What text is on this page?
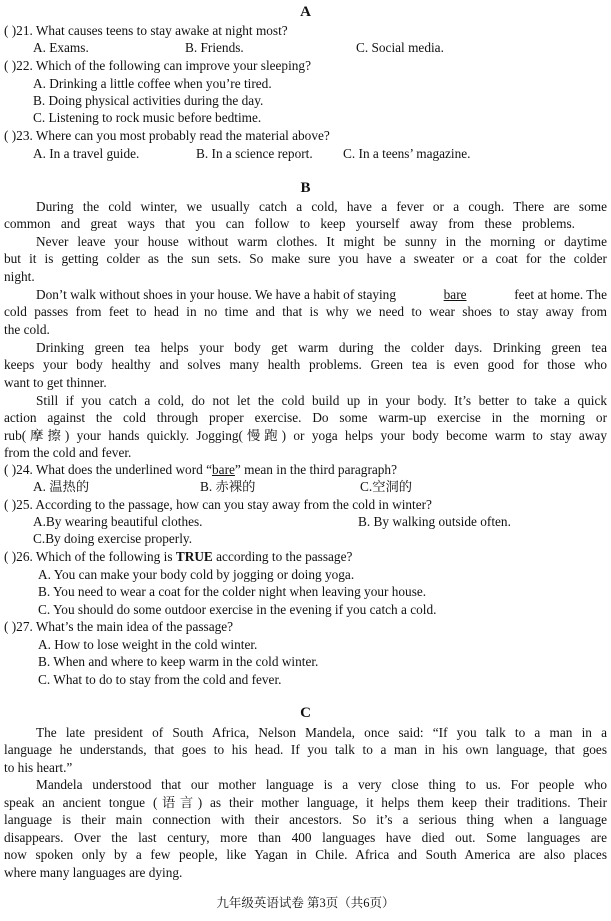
A
( )21. What causes teens to stay awake at night most?
A. Exams.	B. Friends.	C. Social media.
( )22. Which of the following can improve your sleeping?
A. Drinking a little coffee when you’re tired.
B. Doing physical activities during the day.
C. Listening to rock music before bedtime.
( )23. Where can you most probably read the material above?
A. In a travel guide.	B. In a science report. C. In a teens’ magazine.
B
During the cold winter, we usually catch a cold, have a fever or a cough. There are some
common and great ways that you can follow to keep yourself away from these problems.
Never leave your house without warm clothes. It might be sunny in the morning or daytime
but it is getting colder as the sun sets. So make sure you have a sweater or a coat for the colder
night.
Don’t walk without shoes in your house. We have a habit of staying	bare	feet at home. The
cold passes from feet to head in no time and that is why we need to wear shoes to stay away from
the cold.
Drinking green tea helps your body get warm during the colder days. Drinking green tea
keeps your body healthy and solves many health problems. Green tea is even good for those who
want to get thinner.
Still if you catch a cold, do not let the cold build up in your body. It’s better to take a quick
action against the cold through proper exercise. Do some warm-up exercise in the morning or
rub(摩擦) your hands quickly. Jogging(慢跑) or yoga helps your body become warm to stay away
from the cold and fever.
( )24. What does the underlined word “bare” mean in the third paragraph?
A. 温热的	B. 赤裸的	C.空洞的
( )25. According to the passage, how can you stay away from the cold in winter?
A.By wearing beautiful clothes.	B. By walking outside often.
C.By doing exercise properly.
( )26. Which of the following is TRUE according to the passage?
A. You can make your body cold by jogging or doing yoga.
B. You need to wear a coat for the colder night when leaving your house.
C. You should do some outdoor exercise in the evening if you catch a cold.
( )27. What’s the main idea of the passage?
A. How to lose weight in the cold winter.
B. When and where to keep warm in the cold winter.
C. What to do to stay from the cold and fever.
C
The late president of South Africa, Nelson Mandela, once said: “If you talk to a man in a
language he understands, that goes to his head. If you talk to a man in his own language, that goes
to his heart.”
Mandela understood that our mother language is a very close thing to us. For people who
speak an ancient tongue (语言) as their mother language, it helps them keep their traditions. Their
language is their main connection with their ancestors. So it’s a serious thing when a language
disappears. Over the last century, more than 400 languages have died out. Some languages are
now spoken only by a few people, like Yagan in Chile. Africa and South America are also places
where many languages are dying.
九年级英语试卷 第3页（共6页）
